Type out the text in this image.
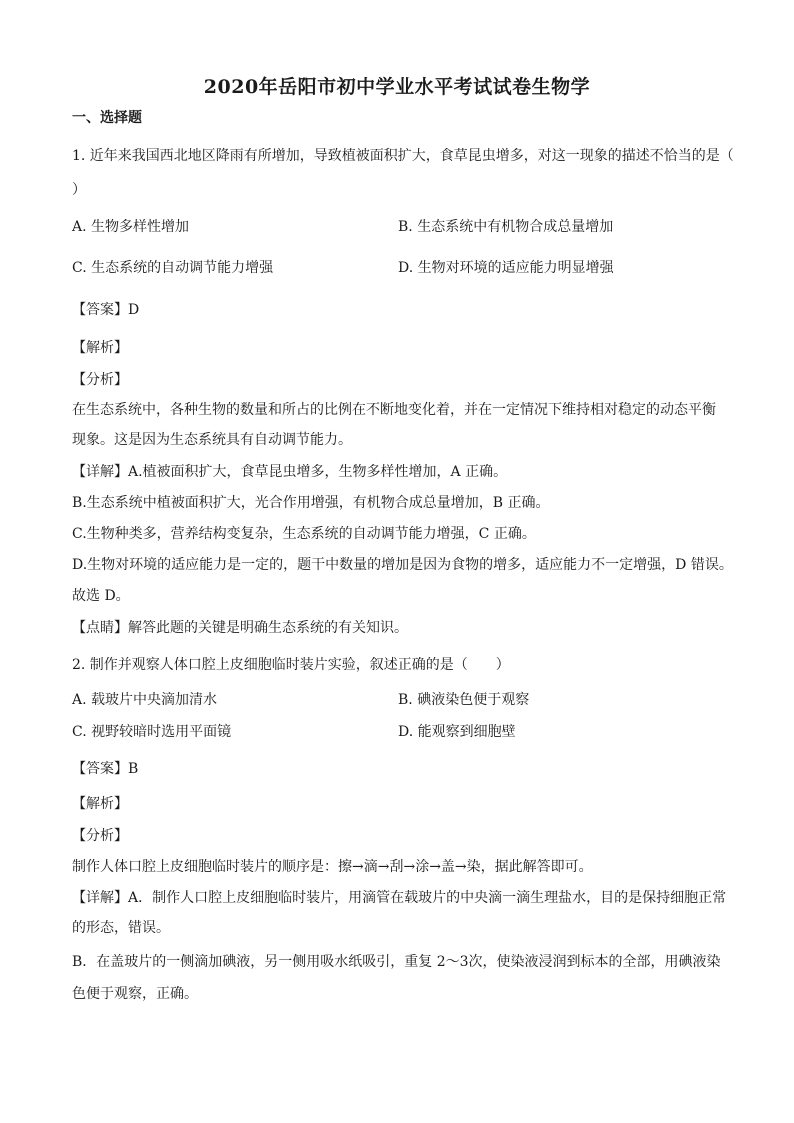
2020年岳阳市初中学业水平考试试卷生物学
一、选择题
1. 近年来我国西北地区降雨有所增加，导致植被面积扩大，食草昆虫增多，对这一现象的描述不恰当的是（
）
A. 生物多样性增加	B. 生态系统中有机物合成总量增加
C. 生态系统的自动调节能力增强	D. 生物对环境的适应能力明显增强
【答案】D
【解析】
【分析】
在生态系统中，各种生物的数量和所占的比例在不断地变化着，并在一定情况下维持相对稳定的动态平衡
现象。这是因为生态系统具有自动调节能力。
【详解】A.植被面积扩大，食草昆虫增多，生物多样性增加，A 正确。
B.生态系统中植被面积扩大，光合作用增强，有机物合成总量增加，B 正确。
C.生物种类多，营养结构变复杂，生态系统的自动调节能力增强，C 正确。
D.生物对环境的适应能力是一定的，题干中数量的增加是因为食物的增多，适应能力不一定增强，D 错误。
故选 D。
【点睛】解答此题的关键是明确生态系统的有关知识。
2. 制作并观察人体口腔上皮细胞临时装片实验，叙述正确的是（　　）
A. 载玻片中央滴加清水	B. 碘液染色便于观察
C. 视野较暗时选用平面镜	D. 能观察到细胞壁
【答案】B
【解析】
【分析】
制作人体口腔上皮细胞临时装片的顺序是：擦→滴→刮→涂→盖→染，据此解答即可。
【详解】A．制作人口腔上皮细胞临时装片，用滴管在载玻片的中央滴一滴生理盐水，目的是保持细胞正常
的形态，错误。
B．在盖玻片的一侧滴加碘液，另一侧用吸水纸吸引，重复 2～3次，使染液浸润到标本的全部，用碘液染
色便于观察，正确。
